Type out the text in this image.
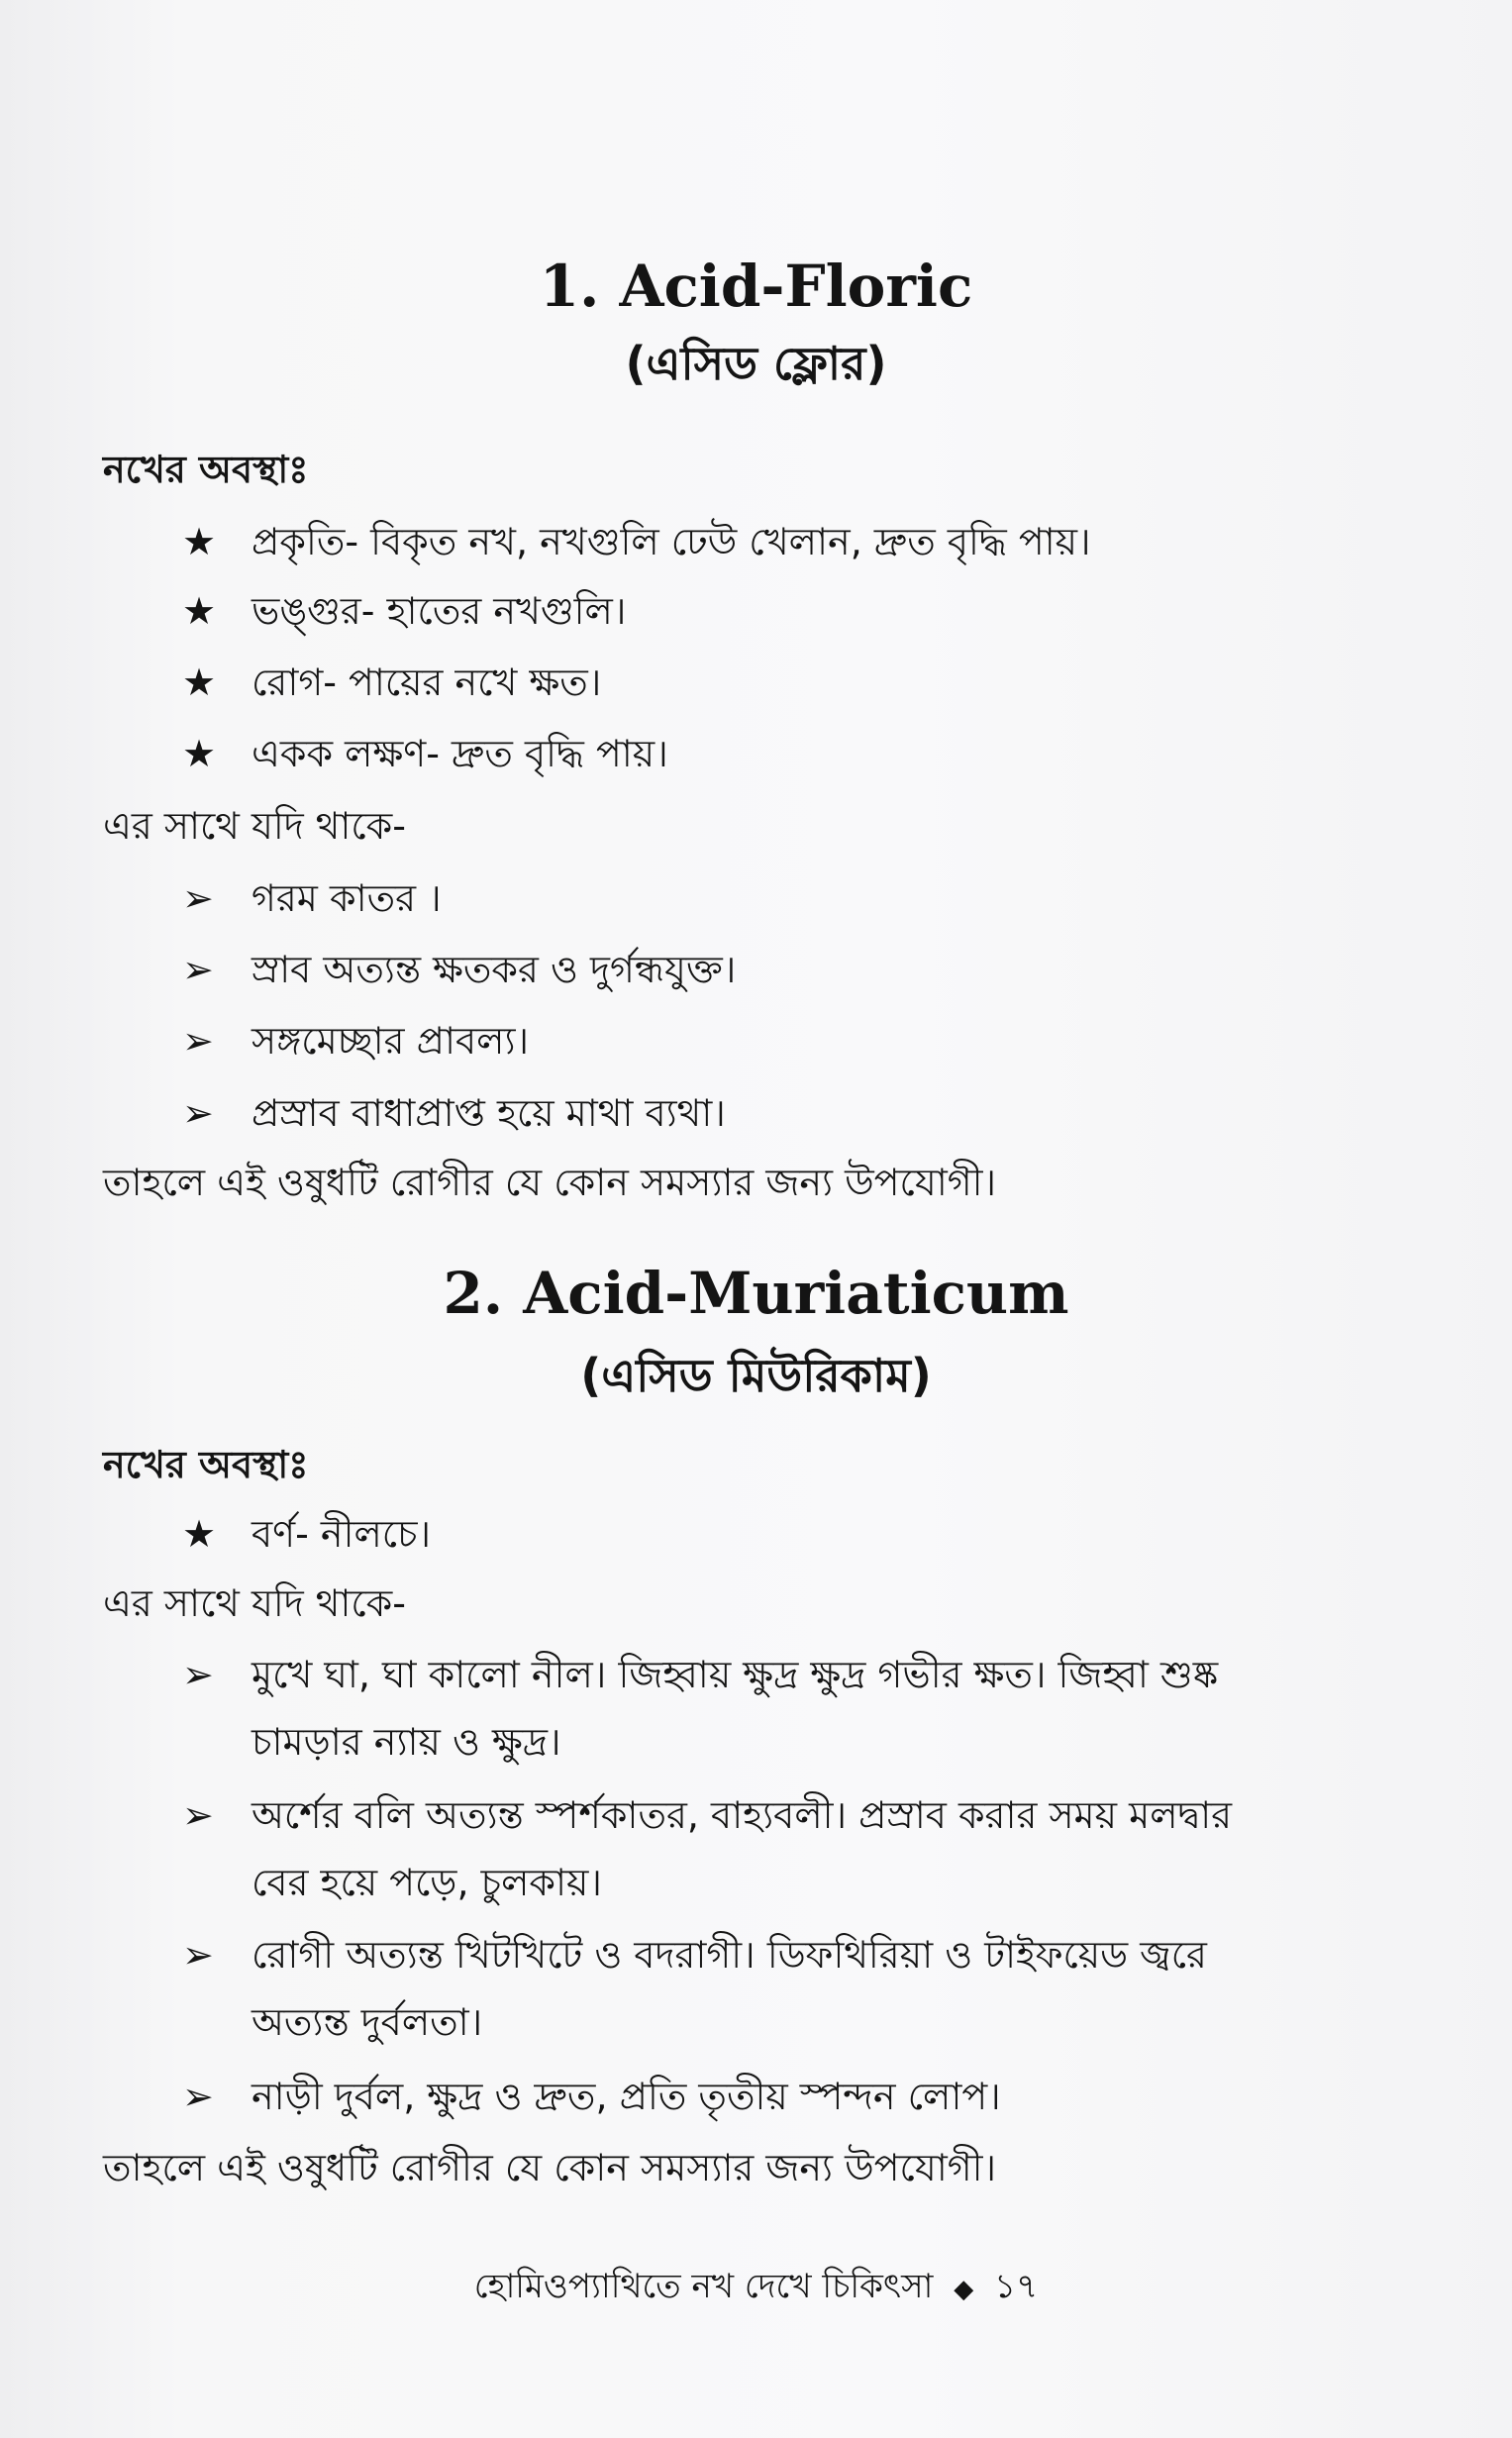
1. Acid-Floric
(এসিড ফ্লোর)
নখের অবস্থাঃ
★ প্রকৃতি- বিকৃত নখ, নখগুলি ঢেউ খেলান, দ্রুত বৃদ্ধি পায়।
★ ভঙ্গুর- হাতের নখগুলি।
★ রোগ- পায়ের নখে ক্ষত।
★ একক লক্ষণ- দ্রুত বৃদ্ধি পায়।
এর সাথে যদি থাকে-
➢ গরম কাতর ।
➢ স্রাব অত্যন্ত ক্ষতকর ও দুর্গন্ধযুক্ত।
➢ সঙ্গমেচ্ছার প্রাবল্য।
➢ প্রস্রাব বাধাপ্রাপ্ত হয়ে মাথা ব্যথা।
তাহলে এই ওষুধটি রোগীর যে কোন সমস্যার জন্য উপযোগী।
2. Acid-Muriaticum
(এসিড মিউরিকাম)
নখের অবস্থাঃ
★ বর্ণ- নীলচে।
এর সাথে যদি থাকে-
➢ মুখে ঘা, ঘা কালো নীল। জিহ্বায় ক্ষুদ্র ক্ষুদ্র গভীর ক্ষত। জিহ্বা শুষ্ক
চামড়ার ন্যায় ও ক্ষুদ্র।
➢ অর্শের বলি অত্যন্ত স্পর্শকাতর, বাহ্যবলী। প্রস্রাব করার সময় মলদ্বার
বের হয়ে পড়ে, চুলকায়।
➢ রোগী অত্যন্ত খিটখিটে ও বদরাগী। ডিফথিরিয়া ও টাইফয়েড জ্বরে
অত্যন্ত দুর্বলতা।
➢ নাড়ী দুর্বল, ক্ষুদ্র ও দ্রুত, প্রতি তৃতীয় স্পন্দন লোপ।
তাহলে এই ওষুধটি রোগীর যে কোন সমস্যার জন্য উপযোগী।
হোমিওপ্যাথিতে নখ দেখে চিকিৎসা ◆ ১৭
